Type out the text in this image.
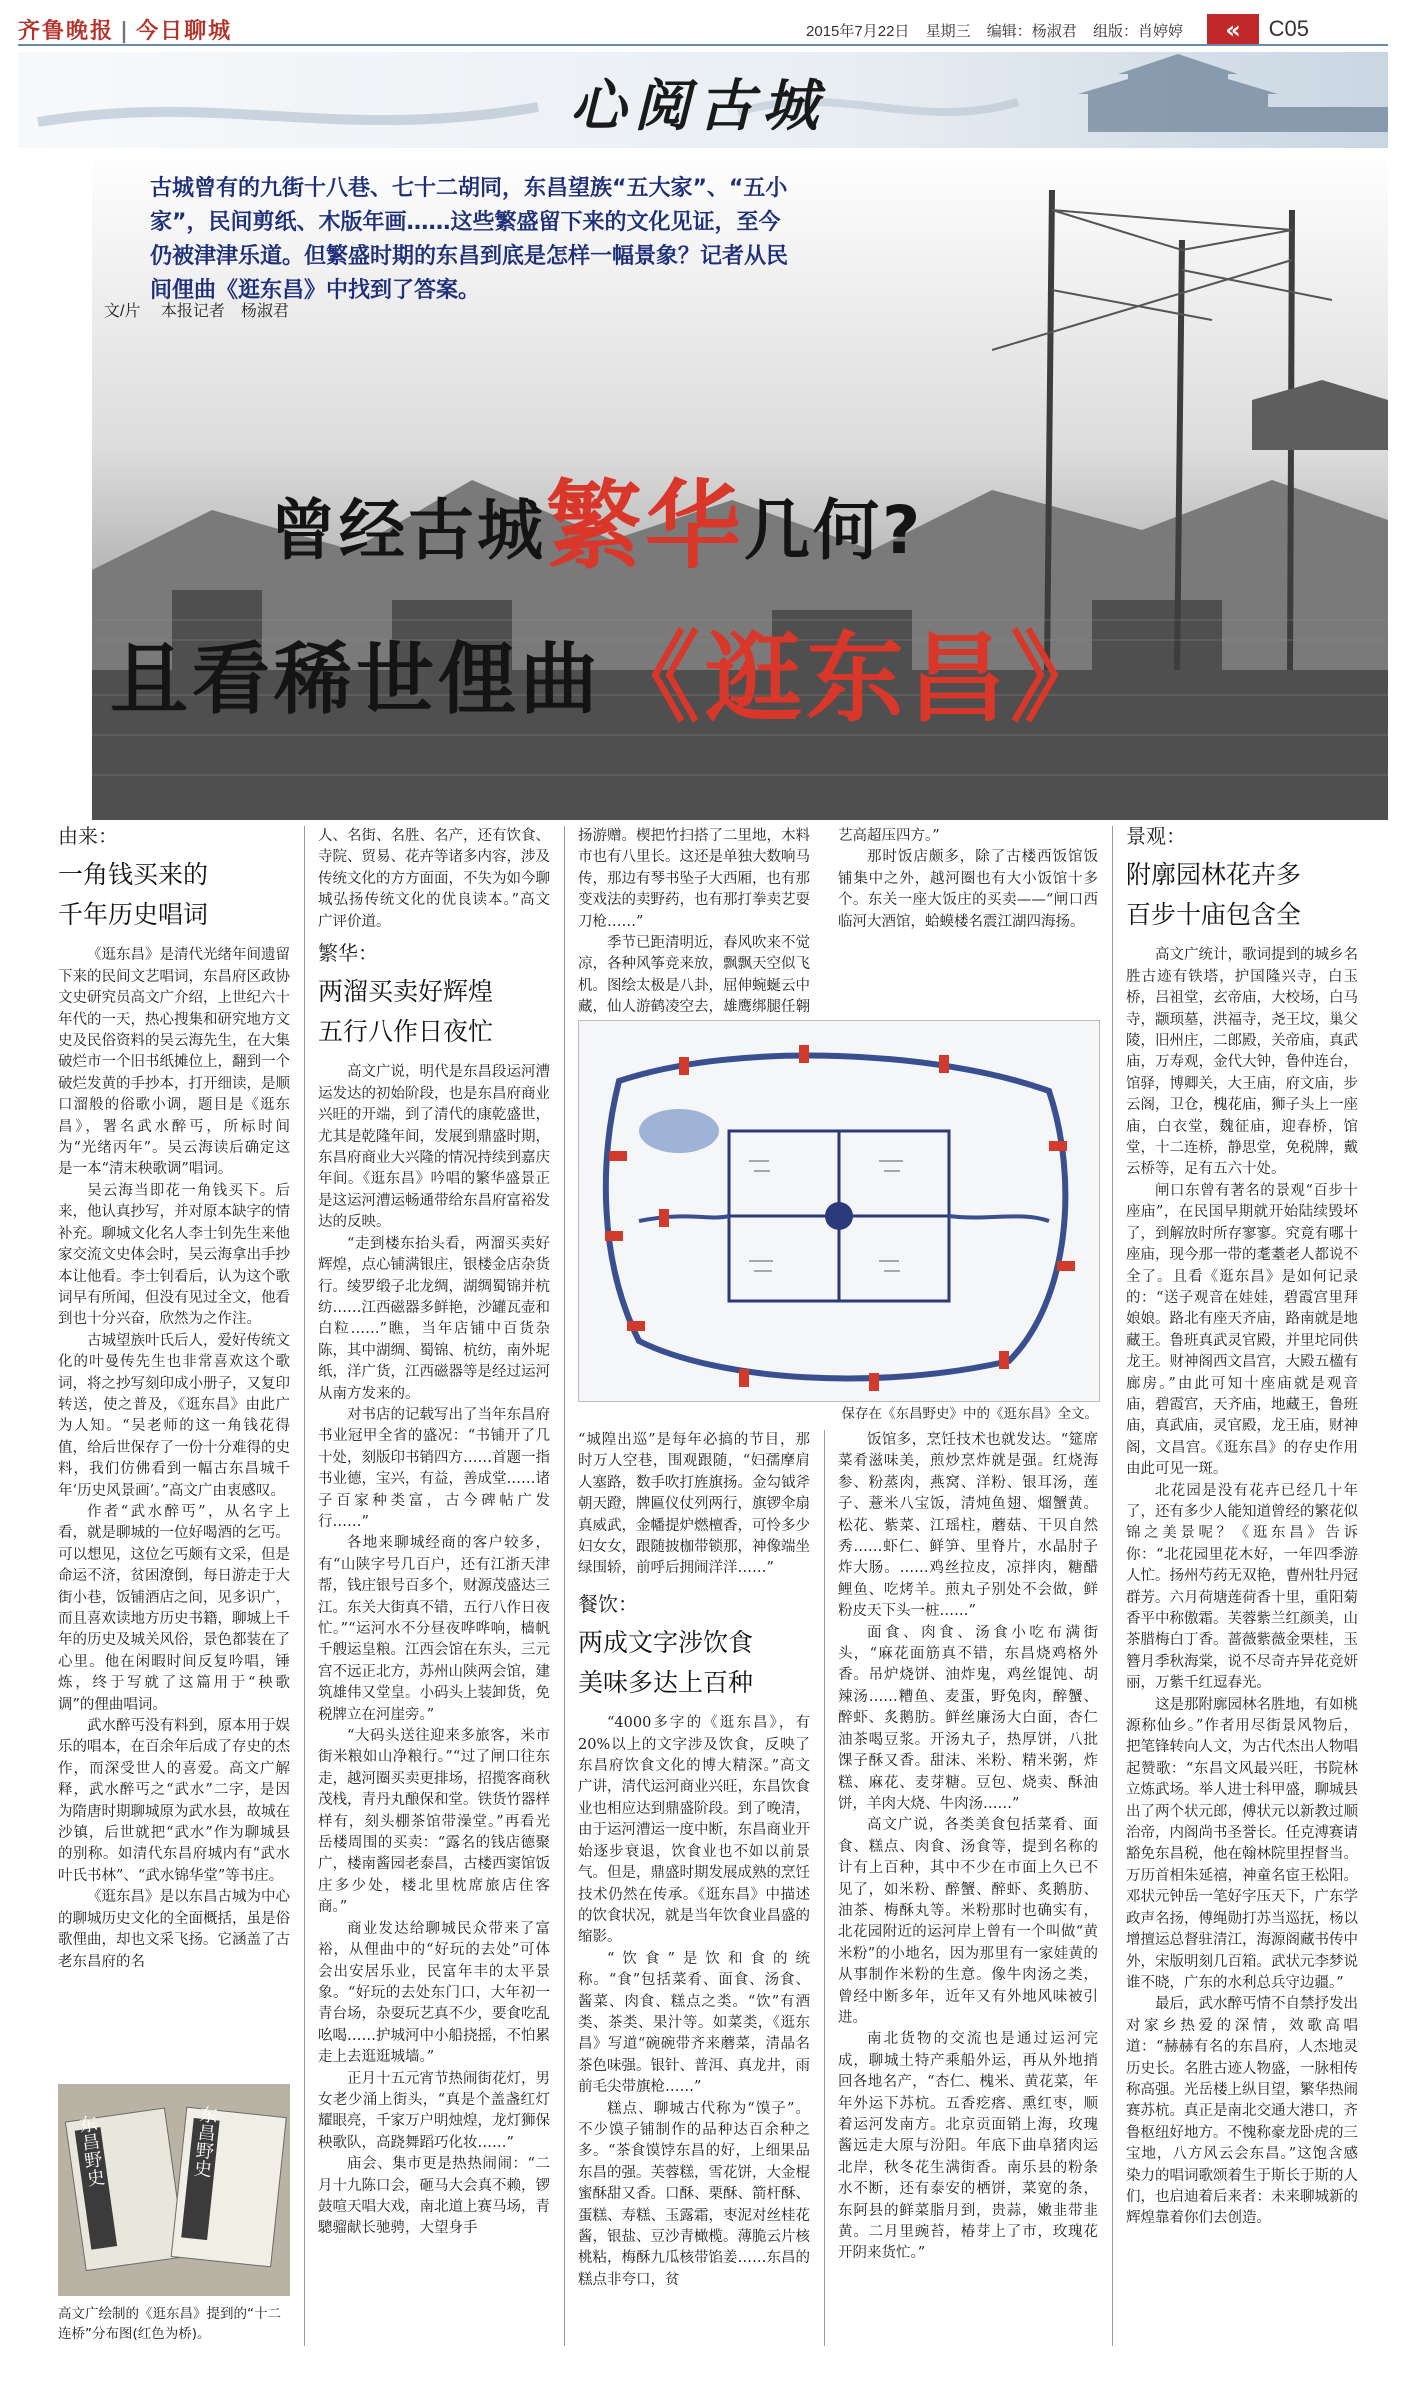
齐鲁晚报 | 今日聊城	2015年7月22日 星期三 编辑：杨淑君 组版：肖婷婷	«	C05
心阅古城
古城曾有的九街十八巷、七十二胡同，东昌望族“五大家”、“五小家”，民间剪纸、木版年画……这些繁盛留下来的文化见证，至今仍被津津乐道。但繁盛时期的东昌到底是怎样一幅景象？记者从民间俚曲《逛东昌》中找到了答案。
文/片　 本报记者　杨淑君
曾经古城繁华几何?
且看稀世俚曲《逛东昌》
由来：
一角钱买来的
千年历史唱词

《逛东昌》是清代光绪年间遗留下来的民间文艺唱词，东昌府区政协文史研究员高文广介绍，上世纪六十年代的一天，热心搜集和研究地方文史及民俗资料的吴云海先生，在大集破烂市一个旧书纸摊位上，翻到一个破烂发黄的手抄本，打开细读，是顺口溜般的俗歌小调，题目是《逛东昌》，署名武水醉丐，所标时间为“光绪丙年”。吴云海读后确定这是一本“清末秧歌调”唱词。

吴云海当即花一角钱买下。后来，他认真抄写，并对原本缺字的情补充。聊城文化名人李士钊先生来他家交流文史体会时，吴云海拿出手抄本让他看。李士钊看后，认为这个歌词早有所闻，但没有见过全文，他看到也十分兴奋，欣然为之作注。

古城望族叶氏后人，爱好传统文化的叶曼传先生也非常喜欢这个歌词，将之抄写刻印成小册子，又复印转送，使之普及，《逛东昌》由此广为人知。“吴老师的这一角钱花得值，给后世保存了一份十分难得的史料，我们仿佛看到一幅古东昌城千年‘历史风景画’。”高文广由衷感叹。

作者“武水醉丐”，从名字上看，就是聊城的一位好喝酒的乞丐。可以想见，这位乞丐颇有文采，但是命运不济，贫困潦倒，每日游走于大街小巷，饭铺酒店之间，见多识广，而且喜欢读地方历史书籍，聊城上千年的历史及城关风俗，景色都装在了心里。他在闲暇时间反复吟唱，锤炼，终于写就了这篇用于“秧歌调”的俚曲唱词。

武水醉丐没有料到，原本用于娱乐的唱本，在百余年后成了存史的杰作，而深受世人的喜爱。高文广解释，武水醉丐之“武水”二字，是因为隋唐时期聊城原为武水县，故城在沙镇，后世就把“武水”作为聊城县的别称。如清代东昌府城内有“武水叶氏书林”、“武水锦华堂”等书庄。

《逛东昌》是以东昌古城为中心的聊城历史文化的全面概括，虽是俗歌俚曲，却也文采飞扬。它涵盖了古老东昌府的名

东昌野史	东昌野史
高文广绘制的《逛东昌》提到的“十二连桥”分布图(红色为桥)。

人、名街、名胜、名产，还有饮食、寺院、贸易、花卉等诸多内容，涉及传统文化的方方面面，不失为如今聊城弘扬传统文化的优良读本。”高文广评价道。

繁华：
两溜买卖好辉煌
五行八作日夜忙

高文广说，明代是东昌段运河漕运发达的初始阶段，也是东昌府商业兴旺的开端，到了清代的康乾盛世，尤其是乾隆年间，发展到鼎盛时期，东昌府商业大兴隆的情况持续到嘉庆年间。《逛东昌》吟唱的繁华盛景正是这运河漕运畅通带给东昌府富裕发达的反映。

“走到楼东抬头看，两溜买卖好辉煌，点心铺满银庄，银楼金店杂货行。绫罗缎子北龙绸，湖绸蜀锦并杭纺……江西磁器多鲜艳，沙罐瓦壶和白粒……”瞧，当年店铺中百货杂陈，其中湖绸、蜀锦、杭纺，南外坭纸，洋广货，江西磁器等是经过运河从南方发来的。

对书店的记载写出了当年东昌府书业冠甲全省的盛况：“书铺开了几十处，刻版印书销四方……首题一指书业德，宝兴，有益，善成堂……诸子百家种类富，古今碑帖广发行……”

各地来聊城经商的客户较多，有“山陕字号几百户，还有江浙天津帮，钱庄银号百多个，财源茂盛达三江。东关大街真不错，五行八作日夜忙。”“运河水不分昼夜哗哗响，樯帆千艘运皇粮。江西会馆在东头，三元宫不远正北方，苏州山陕两会馆，建筑雄伟又堂皇。小码头上装卸货，免税牌立在河崖旁。”

“大码头送往迎来多旅客，米市街米粮如山净粮行。”“过了闸口往东走，越河圈买卖更排场，招揽客商秋茂栈，青丹丸酿保和堂。铁货竹器样样有，刻头棚茶馆带澡堂。”再看光岳楼周围的买卖：“露名的钱店德聚广，楼南酱园老泰昌，古楼西窦馆饭庄多少处，楼北里枕席旅店住客商。”

商业发达给聊城民众带来了富裕，从俚曲中的“好玩的去处”可体会出安居乐业，民富年丰的太平景象。“好玩的去处东门口，大年初一青台场，杂耍玩艺真不少，要食吃乱吆喝……护城河中小船挠摇，不怕累走上去逛逛城墙。”

正月十五元宵节热闹街花灯，男女老少涌上街头，“真是个盖盏红灯耀眼亮，千家万户明烛煌，龙灯狮保秧歌队，高跷舞蹈巧化妆……”

庙会、集市更是热热闹闹：“二月十九陈口会，砸马大会真不赖，锣鼓喧天唱大戏，南北道上赛马场，青驄骝献长驰骋，大望身手

扬游赠。楔把竹扫搭了二里地，木料市也有八里长。这还是单独大数响马传，那边有琴书坠子大西厢，也有那变戏法的卖野药，也有那打拳卖艺耍刀枪……”

季节已距清明近，春风吹来不觉凉，各种风筝竞来放，飘飘天空似飞机。图绘太极是八卦，屈伸蜿蜒云中藏，仙人游鹤凌空去，雄鹰绑腿任翱

保存在《东昌野史》中的《逛东昌》全文。

“城隍出巡”是每年必搞的节目，那时万人空巷，围观跟随，“妇孺摩肩人塞路，数手吹打旌旗扬。金勾钺斧朝天蹬，牌匾仪仗列两行，旗锣伞扇真威武，金幡提炉燃檀香，可怜多少妇女女，跟随披枷带锁那，神像端坐绿围轿，前呼后拥闹洋洋……”

餐饮：
两成文字涉饮食
美味多达上百种

“4000多字的《逛东昌》，有20%以上的文字涉及饮食，反映了东昌府饮食文化的博大精深。”高文广讲，清代运河商业兴旺，东昌饮食业也相应达到鼎盛阶段。到了晚清，由于运河漕运一度中断，东昌商业开始逐步衰退，饮食业也不如以前景气。但是，鼎盛时期发展成熟的烹饪技术仍然在传承。《逛东昌》中描述的饮食状况，就是当年饮食业昌盛的缩影。

“饮食”是饮和食的统称。“食”包括菜肴、面食、汤食、酱菜、肉食、糕点之类。“饮”有酒类、茶类、果汁等。如菜类，《逛东昌》写道“碗碗带齐来蘑菜，清晶名茶色味强。银针、普洱、真龙井，雨前毛尖带旗枪……”

糕点、聊城古代称为“馍子”。不少馍子铺制作的品种达百余种之多。“茶食馍饽东昌的好，上细果品东昌的强。芙蓉糕，雪花饼，大金棍蜜酥甜又香。口酥、栗酥、箭杆酥、蛋糕、寿糕、玉露霜，枣泥对丝桂花酱，银盐、豆沙青橄榄。薄脆云片核桃粘，梅酥九瓜核带馅姜……东昌的糕点非夸口，贫

艺高超压四方。”

那时饭店颇多，除了古楼西饭馆饭铺集中之外，越河圈也有大小饭馆十多个。东关一座大饭庄的买卖——“闸口西临河大酒馆，蛤蟆楼名震江湖四海扬。

饭馆多，烹饪技术也就发达。“筵席菜肴滋味美，煎炒烹炸就是强。红烧海参、粉蒸肉，燕窝、洋粉、银耳汤，莲子、薏米八宝饭，清炖鱼翅、熘蟹黄。松花、紫菜、江瑶柱，蘑菇、干贝自然秀……虾仁、鲜笋、里脊片，水晶肘子炸大肠。……鸡丝拉皮，凉拌肉，糖醋鲤鱼、吃烤羊。煎丸子别处不会做，鲜粉皮天下头一桩……”

面食、肉食、汤食小吃布满街头，“麻花面筋真不错，东昌烧鸡格外香。吊炉烧饼、油炸鬼，鸡丝馄饨、胡辣汤……糟鱼、麦蛋，野兔肉，醉蟹、醉虾、炙鹅肪。鲜丝廉汤大白面，杏仁油茶喝豆浆。开汤丸子，热厚饼，八批馃子酥又香。甜沫、米粉、精米粥，炸糕、麻花、麦芽糖。豆包、烧卖、酥油饼，羊肉大烧、牛肉汤……”

高文广说，各类美食包括菜肴、面食、糕点、肉食、汤食等，提到名称的计有上百种，其中不少在市面上久已不见了，如米粉、醉蟹、醉虾、炙鹅肪、油茶、梅酥丸等。米粉那时也确实有，北花园附近的运河岸上曾有一个叫做“黄米粉”的小地名，因为那里有一家娃黄的从事制作米粉的生意。像牛肉汤之类，曾经中断多年，近年又有外地风味被引进。

南北货物的交流也是通过运河完成，聊城土特产乘船外运，再从外地捎回各地名产，“杏仁、槐米、黄花菜，年年外运下苏杭。五香疙瘩、熏红枣，顺着运河发南方。北京贡面销上海，玫瑰酱远走大原与汾阳。年底下曲阜猪肉运北岸，秋冬花生满街香。南乐县的粉条水不断，还有泰安的栖饼，菜宽的条，东阿县的鲜菜脂月到，贵蒜，嫩韭带韭黄。二月里豌苔，椿芽上了市，玫瑰花开阴来货忙。”

景观：
附廓园林花卉多
百步十庙包含全

高文广统计，歌词提到的城乡名胜古迹有铁塔，护国隆兴寺，白玉桥，吕祖堂，玄帝庙，大校场，白马寺，颛顼墓，洪福寺，尧王坟，巢父陵，旧州庄，二郎殿，关帝庙，真武庙，万寿观，金代大钟，鲁仲连台，馆驿，博卿关，大王庙，府文庙，步云阁，卫仓，槐花庙，狮子头上一座庙，白衣堂，魏征庙，迎春桥，馆堂，十二连桥，静思堂，免税牌，戴云桥等，足有五六十处。

闸口东曾有著名的景观“百步十座庙”，在民国早期就开始陆续毁坏了，到解放时所存寥寥。究竟有哪十座庙，现今那一带的耄耋老人都说不全了。且看《逛东昌》是如何记录的：“送子观音在娃娃，碧霞宫里拜娘娘。路北有座天齐庙，路南就是地藏王。鲁班真武灵官殿，并里坨同供龙王。财神阁西文昌宫，大殿五楹有廊房。”由此可知十座庙就是观音庙，碧霞宫，天齐庙，地藏王，鲁班庙，真武庙，灵官殿，龙王庙，财神阁，文昌宫。《逛东昌》的存史作用由此可见一斑。

北花园是没有花卉已经几十年了，还有多少人能知道曾经的繁花似锦之美景呢？《逛东昌》告诉你：“北花园里花木好，一年四季游人忙。扬州芍药无双艳，曹州牡丹冠群芳。六月荷塘莲荷香十里，重阳菊香平中称傲霜。芙蓉紫兰红颜美，山茶腊梅白丁香。蔷薇紫薇金栗桂，玉簪月季秋海棠，说不尽奇卉异花竞妍丽，万紫千红逗春光。

这是那附廓园林名胜地，有如桃源称仙乡。”作者用尽街景风物后，把笔锋转向人文，为古代杰出人物唱起赞歌：“东昌文风最兴旺，书院林立炼武场。举人进士科甲盛，聊城县出了两个状元郎，傅状元以新教过顺治帝，内阁尚书圣誉长。任克溥赛请豁免东昌税，他在翰林院里捏督当。万历首相朱延禧，神童名宦王松阳。邓状元钟岳一笔好字压天下，广东学政声名扬，傅绳勋打苏当巡抚，杨以增擅运总督驻清江，海源阁藏书传中外，宋版明刻几百箱。武状元李梦说谁不晓，广东的水利总兵守边疆。”

最后，武水醉丐情不自禁抒发出对家乡热爱的深情，效歌高唱道：“赫赫有名的东昌府，人杰地灵历史长。名胜古迹人物盛，一脉相传称高强。光岳楼上纵目望，繁华热闹赛苏杭。真正是南北交通大港口，齐鲁枢纽好地方。不愧称豪龙卧虎的三宝地，八方风云会东昌。”这饱含感染力的唱词歌颂着生于斯长于斯的人们，也启迪着后来者：未来聊城新的辉煌靠着你们去创造。
